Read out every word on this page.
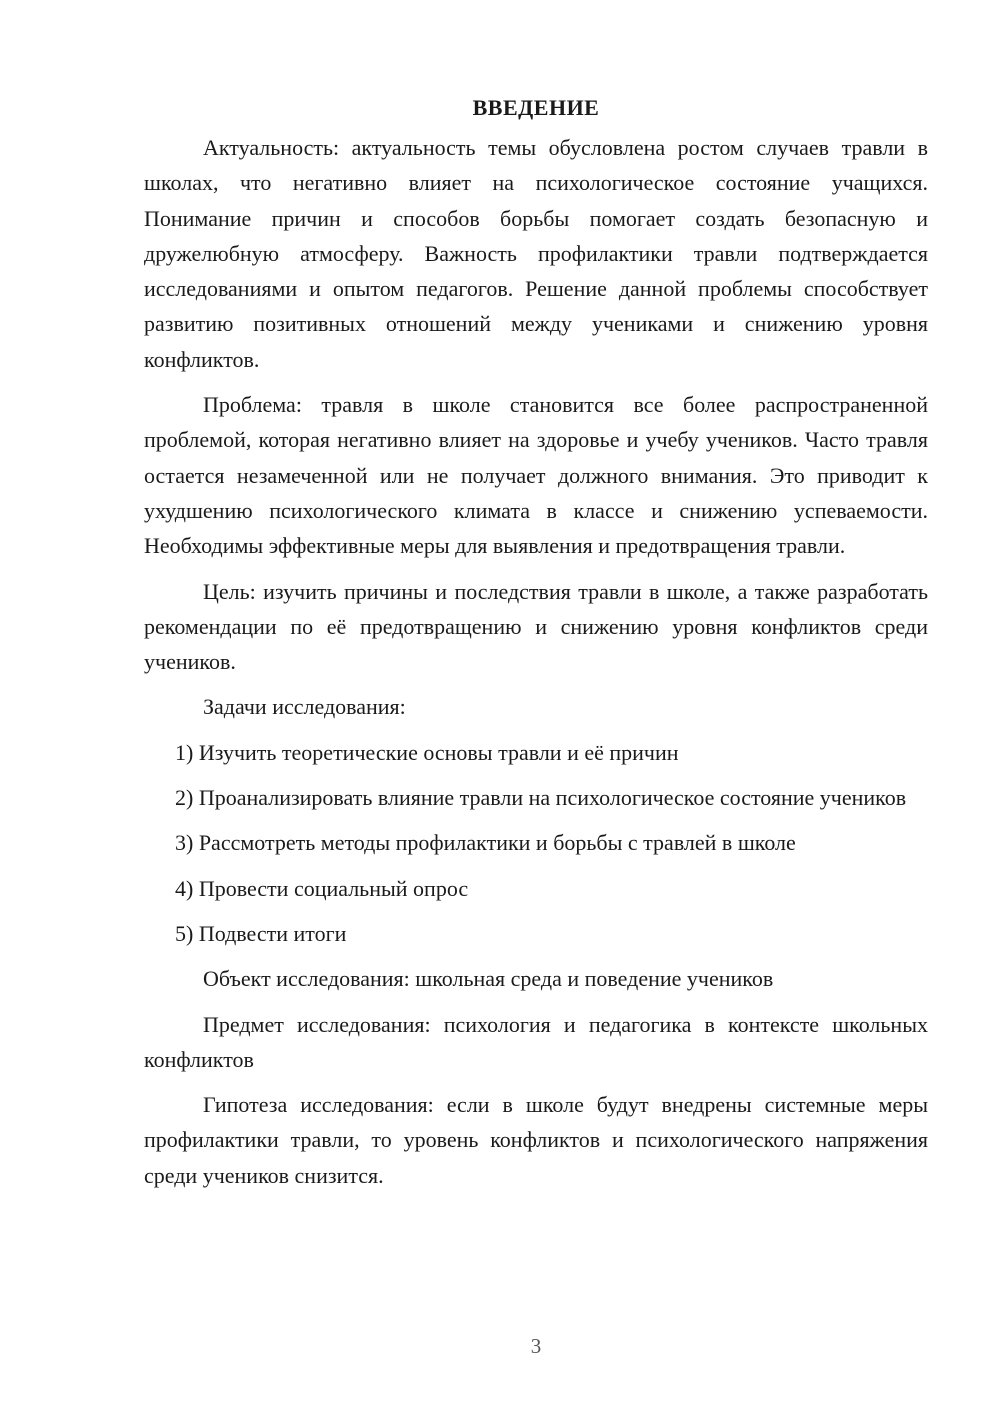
ВВЕДЕНИЕ

Актуальность: актуальность темы обусловлена ростом случаев травли в школах, что негативно влияет на психологическое состояние учащихся. Понимание причин и способов борьбы помогает создать безопасную и дружелюбную атмосферу. Важность профилактики травли подтверждается исследованиями и опытом педагогов. Решение данной проблемы способствует развитию позитивных отношений между учениками и снижению уровня конфликтов.

Проблема: травля в школе становится все более распространенной проблемой, которая негативно влияет на здоровье и учебу учеников. Часто травля остается незамеченной или не получает должного внимания. Это приводит к ухудшению психологического климата в классе и снижению успеваемости. Необходимы эффективные меры для выявления и предотвращения травли.

Цель: изучить причины и последствия травли в школе, а также разработать рекомендации по её предотвращению и снижению уровня конфликтов среди учеников.

Задачи исследования:

1) Изучить теоретические основы травли и её причин

2) Проанализировать влияние травли на психологическое состояние учеников

3) Рассмотреть методы профилактики и борьбы с травлей в школе

4) Провести социальный опрос

5) Подвести итоги

Объект исследования: школьная среда и поведение учеников

Предмет исследования: психология и педагогика в контексте школьных конфликтов

Гипотеза исследования: если в школе будут внедрены системные меры профилактики травли, то уровень конфликтов и психологического напряжения среди учеников снизится.

3
